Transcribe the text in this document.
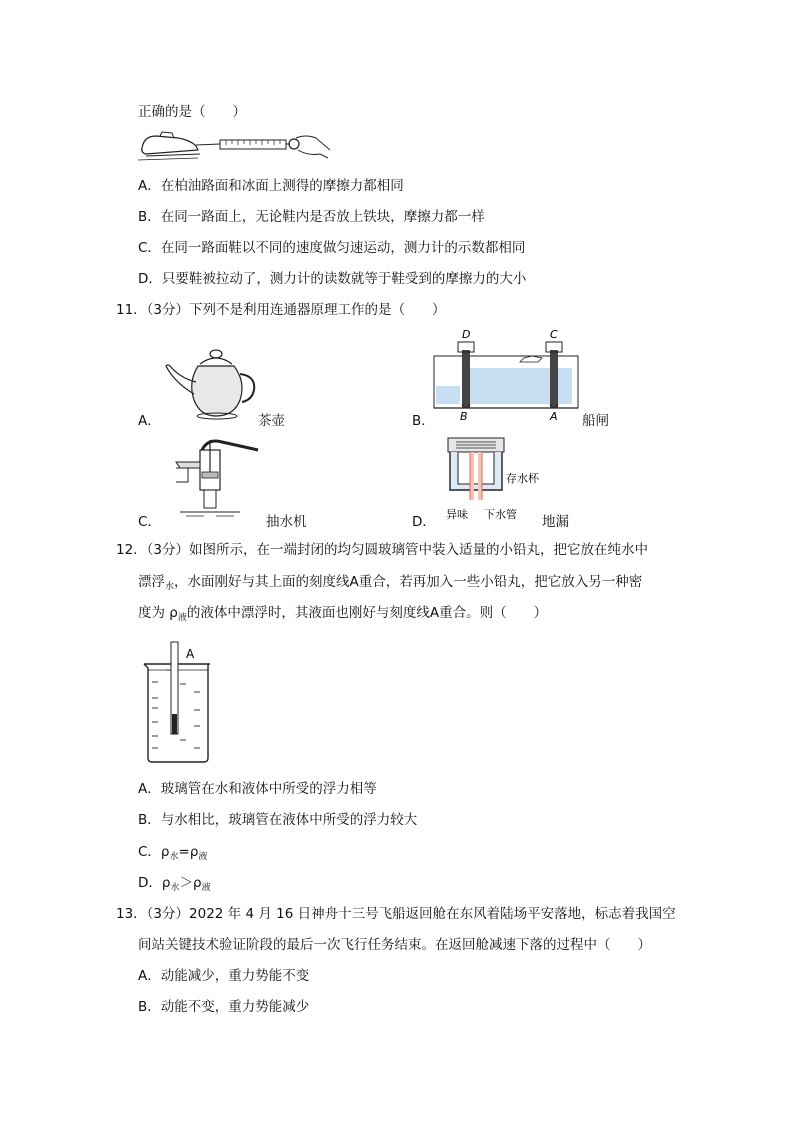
正确的是（　　）
A．在柏油路面和冰面上测得的摩擦力都相同
B．在同一路面上，无论鞋内是否放上铁块，摩擦力都一样
C．在同一路面鞋以不同的速度做匀速运动，测力计的示数都相同
D．只要鞋被拉动了，测力计的读数就等于鞋受到的摩擦力的大小
11．（3分）下列不是利用连通器原理工作的是（　　）
A．	茶壶	B．
D	C
B	A 船闸
C．	抽水机	D．
存水杯
异味 下水管 地漏
12．（3分）如图所示，在一端封闭的均匀圆玻璃管中装入适量的小铅丸，把它放在纯水中
漂浮$_水$，水面刚好与其上面的刻度线A重合，若再加入一些小铅丸，把它放入另一种密
度为 $\rho_液$的液体中漂浮时，其液面也刚好与刻度线A重合。则（　　）
A
A．玻璃管在水和液体中所受的浮力相等
B．与水相比，玻璃管在液体中所受的浮力较大
C．$\rho_水=\rho_液$
D．$\rho_水>\rho_液$
13．（3分）2022 年 4 月 16 日神舟十三号飞船返回舱在东风着陆场平安落地，标志着我国空
间站关键技术验证阶段的最后一次飞行任务结束。在返回舱减速下落的过程中（　　）
A．动能减少，重力势能不变
B．动能不变，重力势能减少
